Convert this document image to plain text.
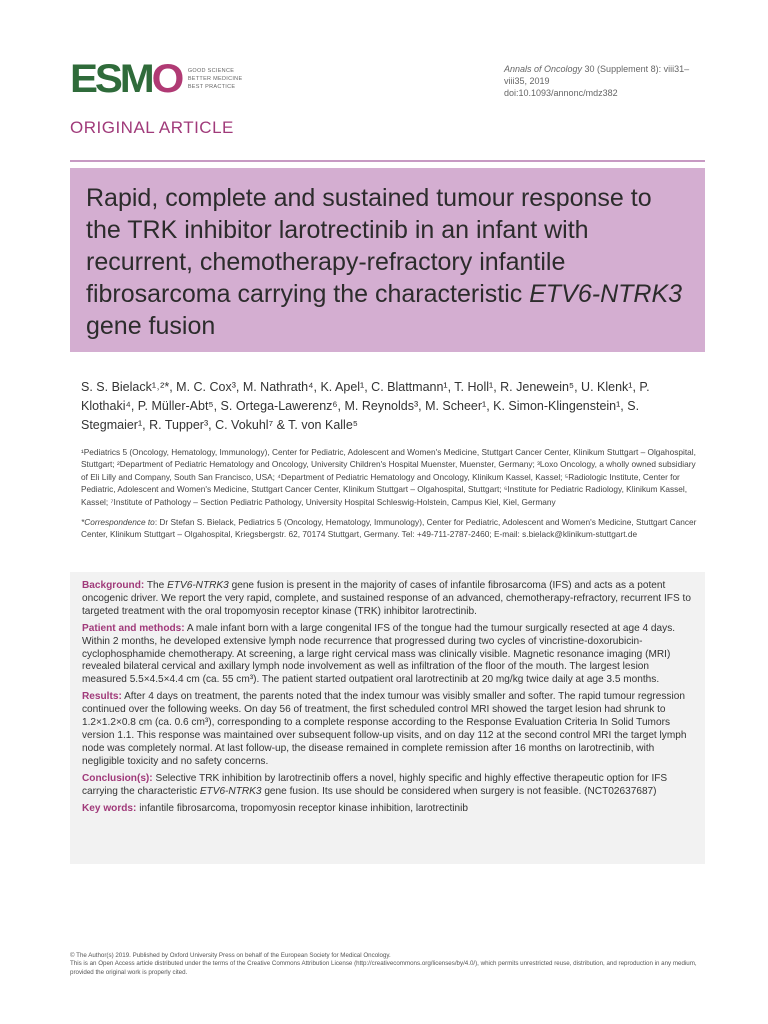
ESMO GOOD SCIENCE
BETTER MEDICINE
BEST PRACTICE
Annals of Oncology 30 (Supplement 8): viii31–viii35, 2019
doi:10.1093/annonc/mdz382
ORIGINAL ARTICLE
Rapid, complete and sustained tumour response to the TRK inhibitor larotrectinib in an infant with recurrent, chemotherapy-refractory infantile fibrosarcoma carrying the characteristic ETV6-NTRK3 gene fusion
S. S. Bielack¹˒²*, M. C. Cox³, M. Nathrath⁴, K. Apel¹, C. Blattmann¹, T. Holl¹, R. Jenewein⁵, U. Klenk¹, P. Klothaki⁴, P. Müller-Abt⁵, S. Ortega-Lawerenz⁶, M. Reynolds³, M. Scheer¹, K. Simon-Klingenstein¹, S. Stegmaier¹, R. Tupper³, C. Vokuhl⁷ & T. von Kalle⁵
¹Pediatrics 5 (Oncology, Hematology, Immunology), Center for Pediatric, Adolescent and Women's Medicine, Stuttgart Cancer Center, Klinikum Stuttgart – Olgahospital, Stuttgart; ²Department of Pediatric Hematology and Oncology, University Children's Hospital Muenster, Muenster, Germany; ³Loxo Oncology, a wholly owned subsidiary of Eli Lilly and Company, South San Francisco, USA; ⁴Department of Pediatric Hematology and Oncology, Klinikum Kassel, Kassel; ⁵Radiologic Institute, Center for Pediatric, Adolescent and Women's Medicine, Stuttgart Cancer Center, Klinikum Stuttgart – Olgahospital, Stuttgart; ⁶Institute for Pediatric Radiology, Klinikum Kassel, Kassel; ⁷Institute of Pathology – Section Pediatric Pathology, University Hospital Schleswig-Holstein, Campus Kiel, Kiel, Germany
*Correspondence to: Dr Stefan S. Bielack, Pediatrics 5 (Oncology, Hematology, Immunology), Center for Pediatric, Adolescent and Women's Medicine, Stuttgart Cancer Center, Klinikum Stuttgart – Olgahospital, Kriegsbergstr. 62, 70174 Stuttgart, Germany. Tel: +49-711-2787-2460; E-mail: s.bielack@klinikum-stuttgart.de

Background: The ETV6-NTRK3 gene fusion is present in the majority of cases of infantile fibrosarcoma (IFS) and acts as a potent oncogenic driver. We report the very rapid, complete, and sustained response of an advanced, chemotherapy-refractory, recurrent IFS to targeted treatment with the oral tropomyosin receptor kinase (TRK) inhibitor larotrectinib.

Patient and methods: A male infant born with a large congenital IFS of the tongue had the tumour surgically resected at age 4 days. Within 2 months, he developed extensive lymph node recurrence that progressed during two cycles of vincristine-doxorubicin-cyclophosphamide chemotherapy. At screening, a large right cervical mass was clinically visible. Magnetic resonance imaging (MRI) revealed bilateral cervical and axillary lymph node involvement as well as infiltration of the floor of the mouth. The largest lesion measured 5.5×4.5×4.4 cm (ca. 55 cm³). The patient started outpatient oral larotrectinib at 20 mg/kg twice daily at age 3.5 months.

Results: After 4 days on treatment, the parents noted that the index tumour was visibly smaller and softer. The rapid tumour regression continued over the following weeks. On day 56 of treatment, the first scheduled control MRI showed the target lesion had shrunk to 1.2×1.2×0.8 cm (ca. 0.6 cm³), corresponding to a complete response according to the Response Evaluation Criteria In Solid Tumors version 1.1. This response was maintained over subsequent follow-up visits, and on day 112 at the second control MRI the target lymph node was completely normal. At last follow-up, the disease remained in complete remission after 16 months on larotrectinib, with negligible toxicity and no safety concerns.

Conclusion(s): Selective TRK inhibition by larotrectinib offers a novel, highly specific and highly effective therapeutic option for IFS carrying the characteristic ETV6-NTRK3 gene fusion. Its use should be considered when surgery is not feasible. (NCT02637687)

Key words: infantile fibrosarcoma, tropomyosin receptor kinase inhibition, larotrectinib

© The Author(s) 2019. Published by Oxford University Press on behalf of the European Society for Medical Oncology.
This is an Open Access article distributed under the terms of the Creative Commons Attribution License (http://creativecommons.org/licenses/by/4.0/), which permits unrestricted reuse, distribution, and reproduction in any medium, provided the original work is properly cited.
